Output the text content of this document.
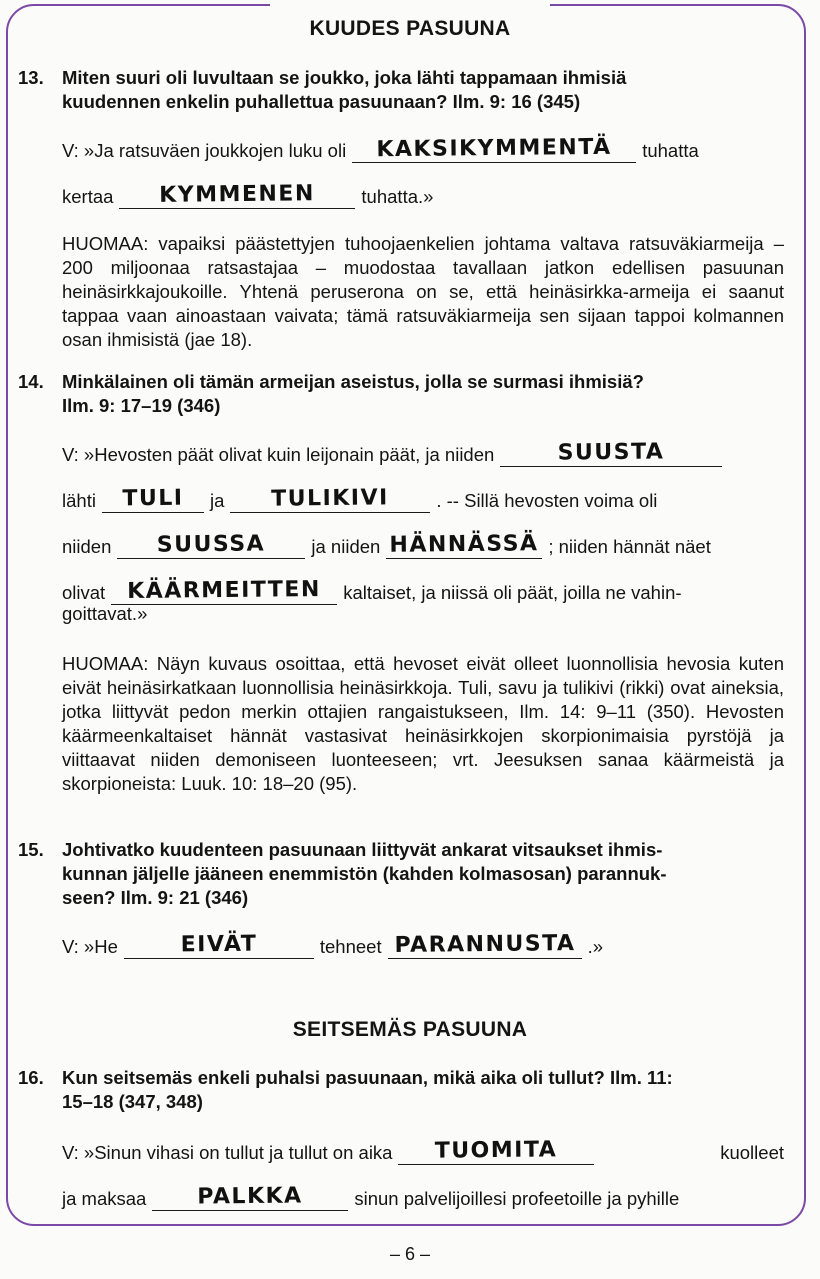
KUUDES PASUUNA
13. Miten suuri oli luvultaan se joukko, joka lähti tappamaan ihmisiä
kuudennen enkelin puhallettua pasuunaan? Ilm. 9: 16 (345)
V: »Ja ratsuväen joukkojen luku oli	KAKSIKYMMENTÄ	tuhatta
kertaa	KYMMENEN	tuhatta.»
HUOMAA: vapaiksi päästettyjen tuhoojaenkelien johtama valtava ratsuväkiarmeija – 200 miljoonaa ratsastajaa – muodostaa tavallaan jatkon edellisen pasuunan heinäsirkkajoukoille. Yhtenä peruserona on se, että heinäsirkka-armeija ei saanut tappaa vaan ainoastaan vaivata; tämä ratsuväkiarmeija sen sijaan tappoi kolmannen osan ihmisistä (jae 18).
14. Minkälainen oli tämän armeijan aseistus, jolla se surmasi ihmisiä?
Ilm. 9: 17–19 (346)
V: »Hevosten päät olivat kuin leijonain päät, ja niiden	SUUSTA
lähti	TULI	ja	TULIKIVI	. -- Sillä hevosten voima oli
niiden	SUUSSA	ja niiden HÄNNÄSSÄ ; niiden hännät näet
olivat	KÄÄRMEITTEN	kaltaiset, ja niissä oli päät, joilla ne vahin-
goittavat.»
HUOMAA: Näyn kuvaus osoittaa, että hevoset eivät olleet luonnollisia hevosia kuten eivät heinäsirkatkaan luonnollisia heinäsirkkoja. Tuli, savu ja tulikivi (rikki) ovat aineksia, jotka liittyvät pedon merkin ottajien rangaistukseen, Ilm. 14: 9–11 (350). Hevosten käärmeenkaltaiset hännät vastasivat heinäsirkkojen skorpionimaisia pyrstöjä ja viittaavat niiden demoniseen luonteeseen; vrt. Jeesuksen sanaa käärmeistä ja skorpioneista: Luuk. 10: 18–20 (95).
15. Johtivatko kuudenteen pasuunaan liittyvät ankarat vitsaukset ihmis-
kunnan jäljelle jääneen enemmistön (kahden kolmasosan) parannuk-
seen? Ilm. 9: 21 (346)
V: »He	EIVÄT	tehneet PARANNUSTA .»
SEITSEMÄS PASUUNA
16. Kun seitsemäs enkeli puhalsi pasuunaan, mikä aika oli tullut? Ilm. 11:
15–18 (347, 348)
V: »Sinun vihasi on tullut ja tullut on aika	TUOMITA	kuolleet
ja maksaa	PALKKA	sinun palvelijoillesi profeetoille ja pyhille
– 6 –
